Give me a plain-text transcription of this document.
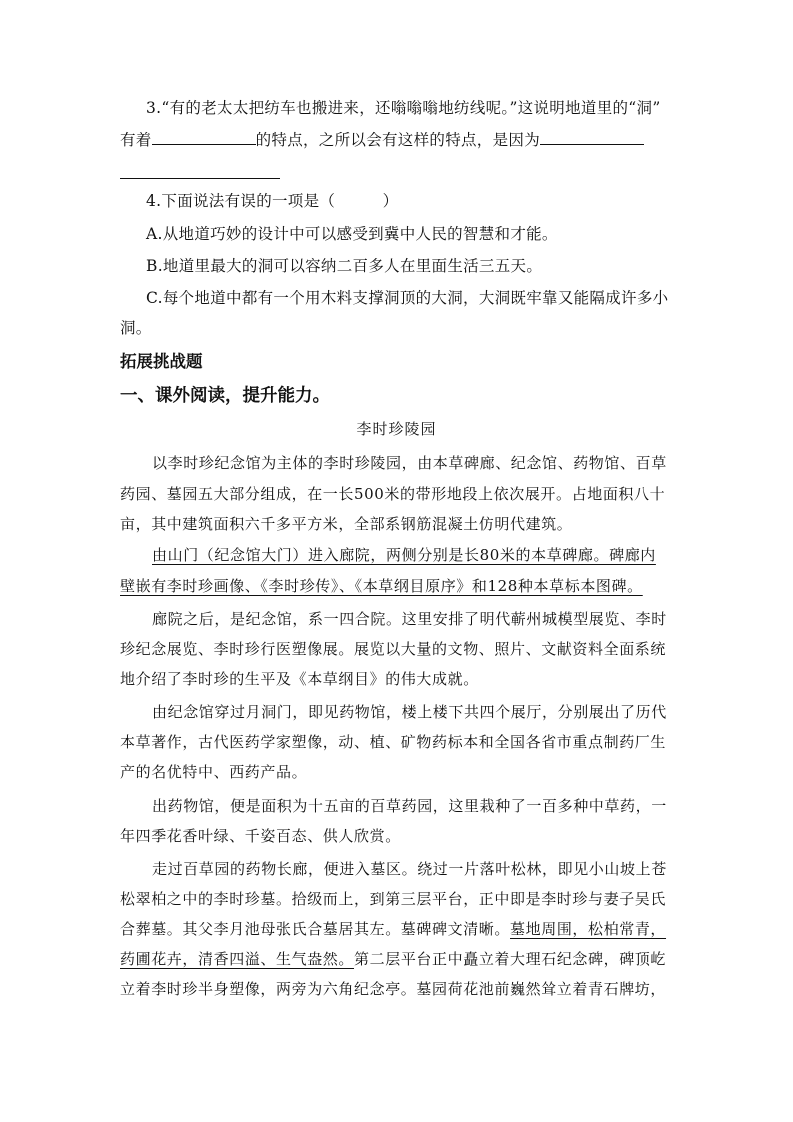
3.“有的老太太把纺车也搬进来，还嗡嗡嗡地纺线呢。”这说明地道里的“洞”
有着	的特点，之所以会有这样的特点，是因为
4.下面说法有误的一项是（　　　）
A.从地道巧妙的设计中可以感受到冀中人民的智慧和才能。
B.地道里最大的洞可以容纳二百多人在里面生活三五天。
C.每个地道中都有一个用木料支撑洞顶的大洞，大洞既牢靠又能隔成许多小
洞。
拓展挑战题
一、课外阅读，提升能力。
李时珍陵园
以李时珍纪念馆为主体的李时珍陵园，由本草碑廊、纪念馆、药物馆、百草
药园、墓园五大部分组成，在一长500米的带形地段上依次展开。占地面积八十
亩，其中建筑面积六千多平方米，全部系钢筋混凝土仿明代建筑。
由山门（纪念馆大门）进入廊院，两侧分别是长80米的本草碑廊。碑廊内
壁嵌有李时珍画像、《李时珍传》、《本草纲目原序》和128种本草标本图碑。
廊院之后，是纪念馆，系一四合院。这里安排了明代蕲州城模型展览、李时
珍纪念展览、李时珍行医塑像展。展览以大量的文物、照片、文献资料全面系统
地介绍了李时珍的生平及《本草纲目》的伟大成就。
由纪念馆穿过月洞门，即见药物馆，楼上楼下共四个展厅，分别展出了历代
本草著作，古代医药学家塑像，动、植、矿物药标本和全国各省市重点制药厂生
产的名优特中、西药产品。
出药物馆，便是面积为十五亩的百草药园，这里栽种了一百多种中草药，一
年四季花香叶绿、千姿百态、供人欣赏。
走过百草园的药物长廊，便进入墓区。绕过一片落叶松林，即见小山坡上苍
松翠柏之中的李时珍墓。拾级而上，到第三层平台，正中即是李时珍与妻子吴氏
合葬墓。其父李月池母张氏合墓居其左。墓碑碑文清晰。墓地周围，松柏常青，
药圃花卉，清香四溢、生气盎然。第二层平台正中矗立着大理石纪念碑，碑顶屹
立着李时珍半身塑像，两旁为六角纪念亭。墓园荷花池前巍然耸立着青石牌坊，
